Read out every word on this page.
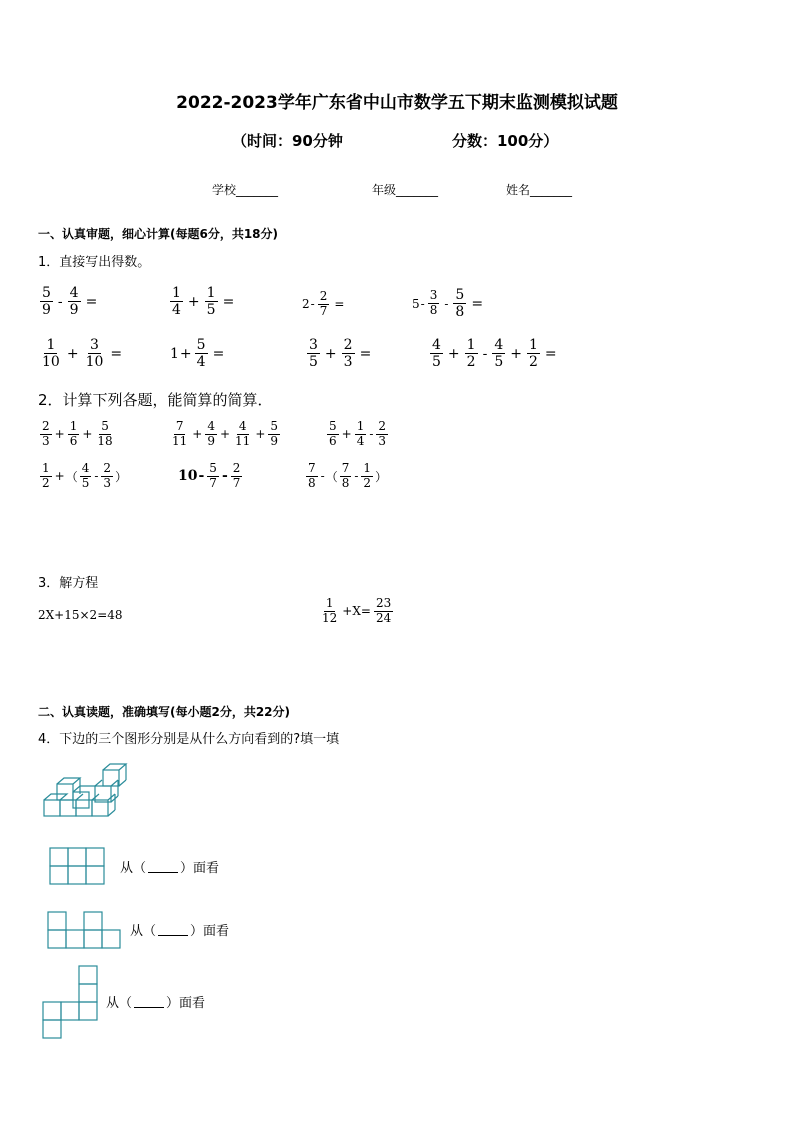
2022-2023学年广东省中山市数学五下期末监测模拟试题
（时间：90分钟	分数：100分）
学校_______	年级_______	姓名_______
一、认真审题，细心计算(每题6分，共18分)
1．直接写出得数。
$\frac{5}{9} - \frac{4}{9}$ =	$\frac{1}{4} + \frac{1}{5}$ =	$2 - \frac{2}{7}$ =	$5 - \frac{3}{8} - \frac{5}{8}$ =
$\frac{1}{10} + \frac{3}{10}$ =	$1 + \frac{5}{4}$ =	$\frac{3}{5} + \frac{2}{3}$ =	$\frac{4}{5} + \frac{1}{2} - \frac{4}{5} + \frac{1}{2}$ =
2．计算下列各题，能简算的简算．
$\frac{2}{3} + \frac{1}{6} + \frac{5}{18}$	$\frac{7}{11} + \frac{4}{9} + \frac{4}{11} + \frac{5}{9}$	$\frac{5}{6} + \frac{1}{4} - \frac{2}{3}$
$\frac{1}{2}$ + （ $\frac{4}{5} - \frac{2}{3}$ ）	$10 - \frac{5}{7} - \frac{2}{7}$	$\frac{7}{8}$ - （ $\frac{7}{8} - \frac{1}{2}$ ）
3．解方程
2X+15×2=48	$\frac{1}{12} +X= \frac{23}{24}$
二、认真读题，准确填写(每小题2分，共22分)
4．下边的三个图形分别是从什么方向看到的?填一填
从（	）面看
从（	）面看
从（	）面看
